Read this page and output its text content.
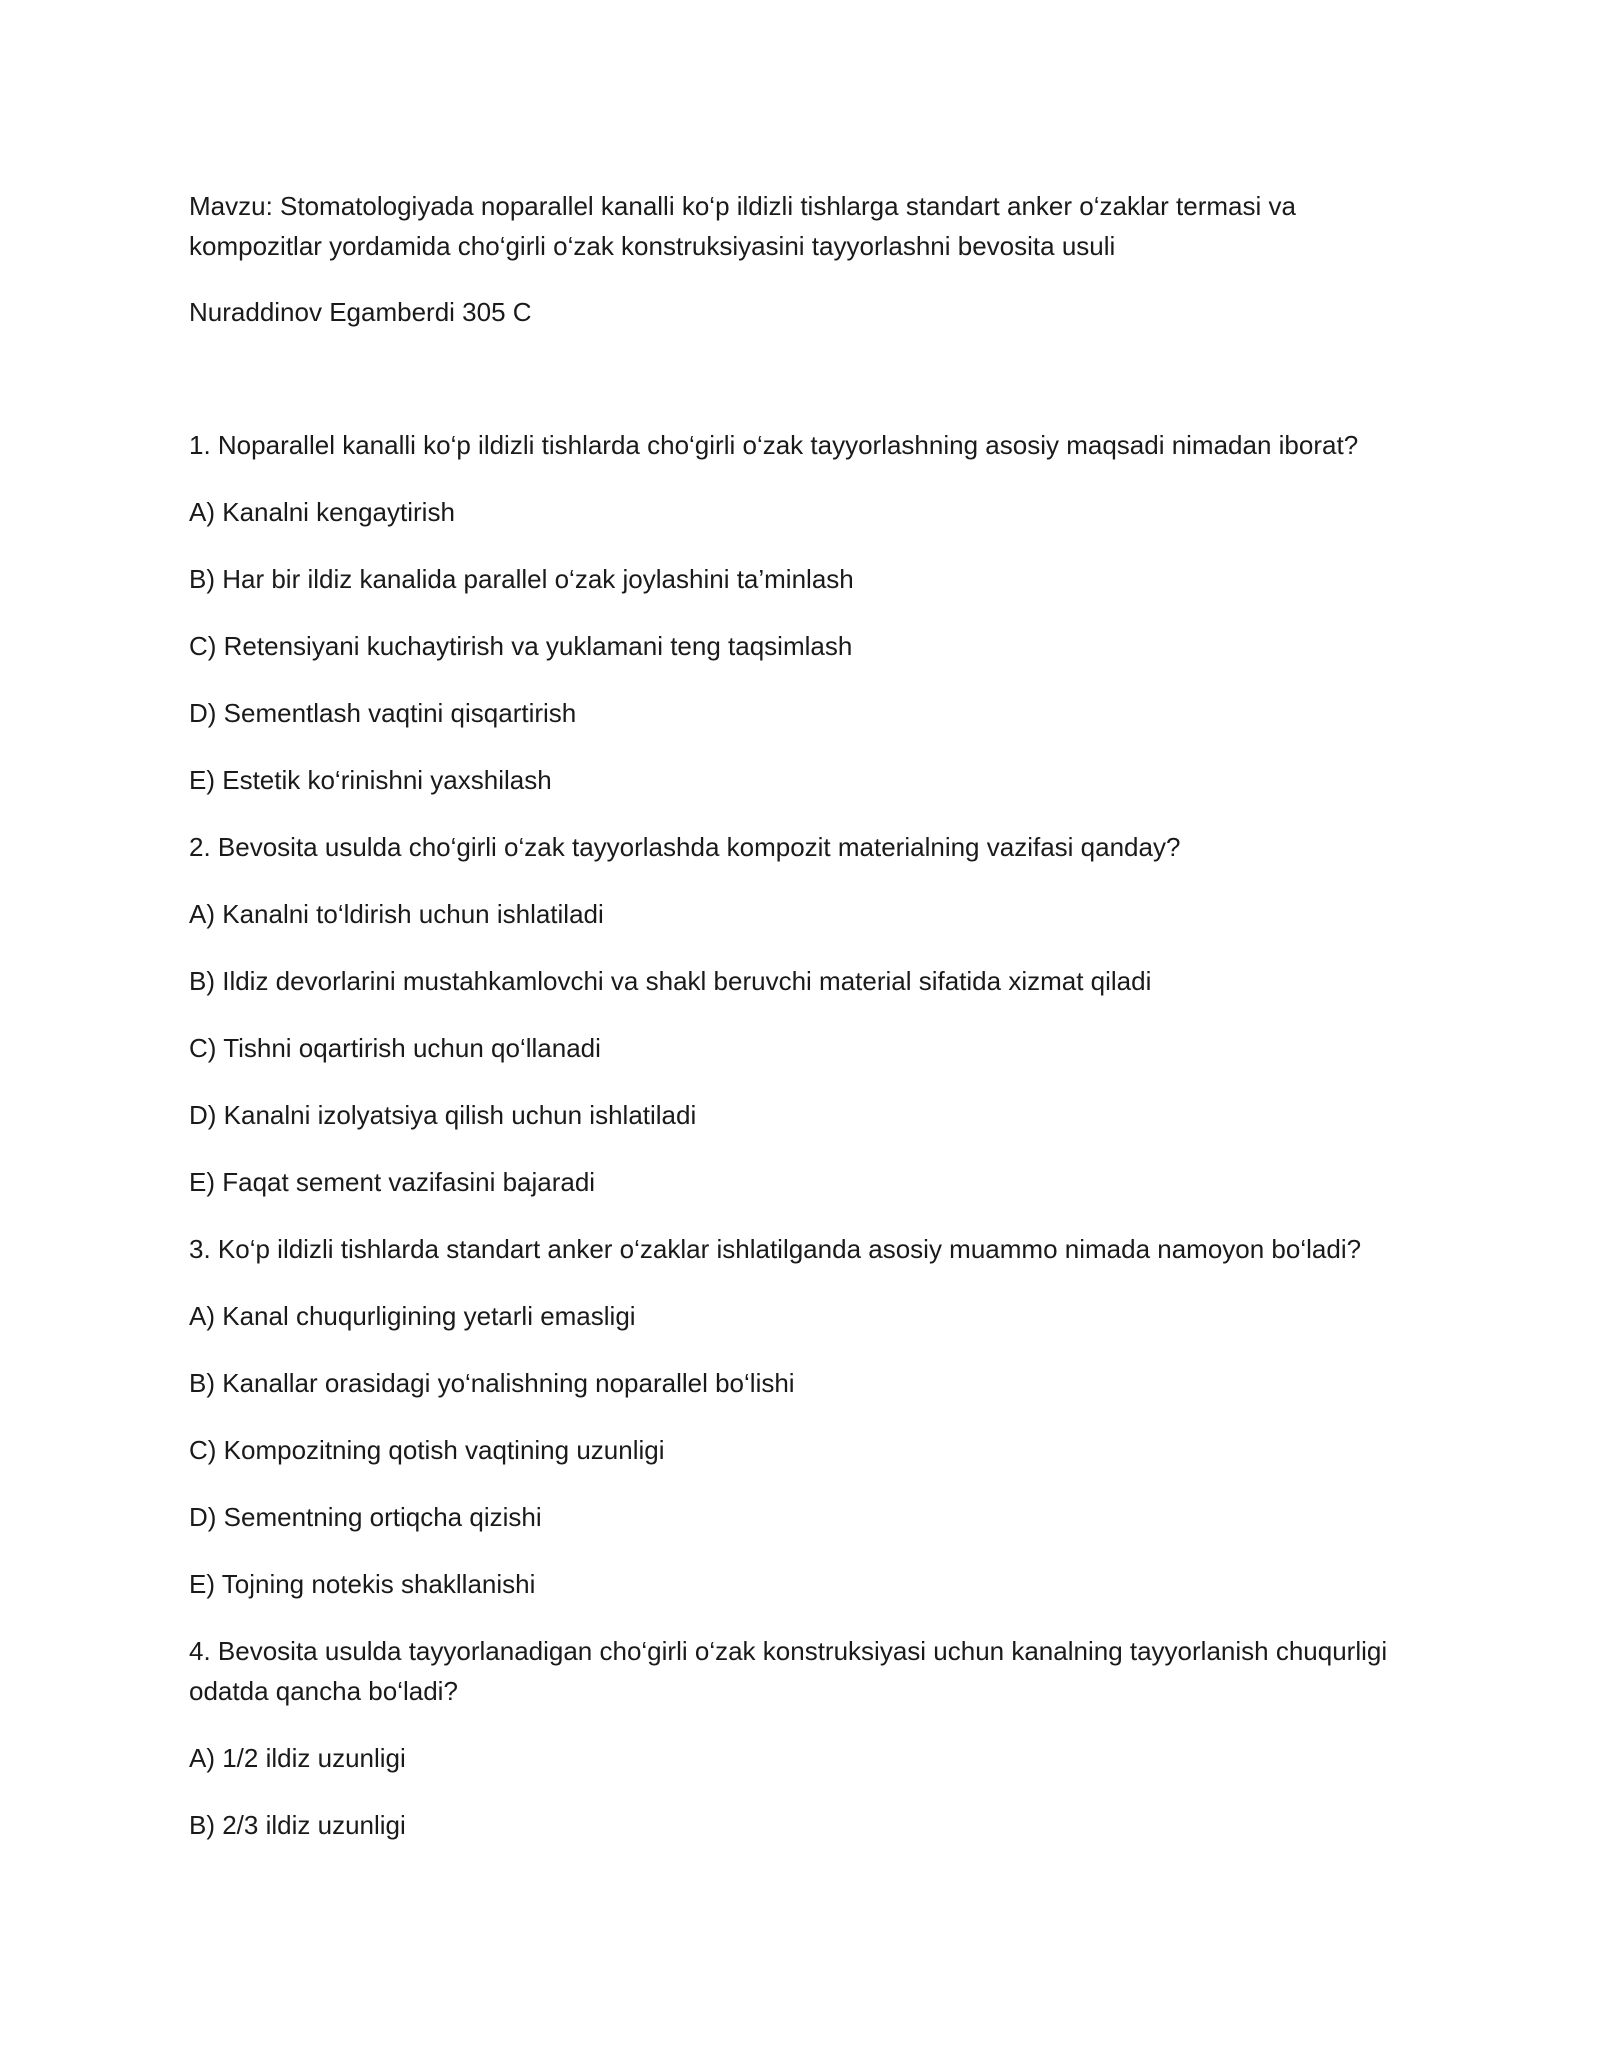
Mavzu: Stomatologiyada noparallel kanalli ko‘p ildizli tishlarga standart anker o‘zaklar termasi va kompozitlar yordamida cho‘girli o‘zak konstruksiyasini tayyorlashni bevosita usuli

Nuraddinov Egamberdi 305 C

1. Noparallel kanalli ko‘p ildizli tishlarda cho‘girli o‘zak tayyorlashning asosiy maqsadi nimadan iborat?

A) Kanalni kengaytirish

B) Har bir ildiz kanalida parallel o‘zak joylashini ta’minlash

C) Retensiyani kuchaytirish va yuklamani teng taqsimlash

D) Sementlash vaqtini qisqartirish

E) Estetik ko‘rinishni yaxshilash

2. Bevosita usulda cho‘girli o‘zak tayyorlashda kompozit materialning vazifasi qanday?

A) Kanalni to‘ldirish uchun ishlatiladi

B) Ildiz devorlarini mustahkamlovchi va shakl beruvchi material sifatida xizmat qiladi

C) Tishni oqartirish uchun qo‘llanadi

D) Kanalni izolyatsiya qilish uchun ishlatiladi

E) Faqat sement vazifasini bajaradi

3. Ko‘p ildizli tishlarda standart anker o‘zaklar ishlatilganda asosiy muammo nimada namoyon bo‘ladi?

A) Kanal chuqurligining yetarli emasligi

B) Kanallar orasidagi yo‘nalishning noparallel bo‘lishi

C) Kompozitning qotish vaqtining uzunligi

D) Sementning ortiqcha qizishi

E) Tojning notekis shakllanishi

4. Bevosita usulda tayyorlanadigan cho‘girli o‘zak konstruksiyasi uchun kanalning tayyorlanish chuqurligi odatda qancha bo‘ladi?

A) 1/2 ildiz uzunligi

B) 2/3 ildiz uzunligi
